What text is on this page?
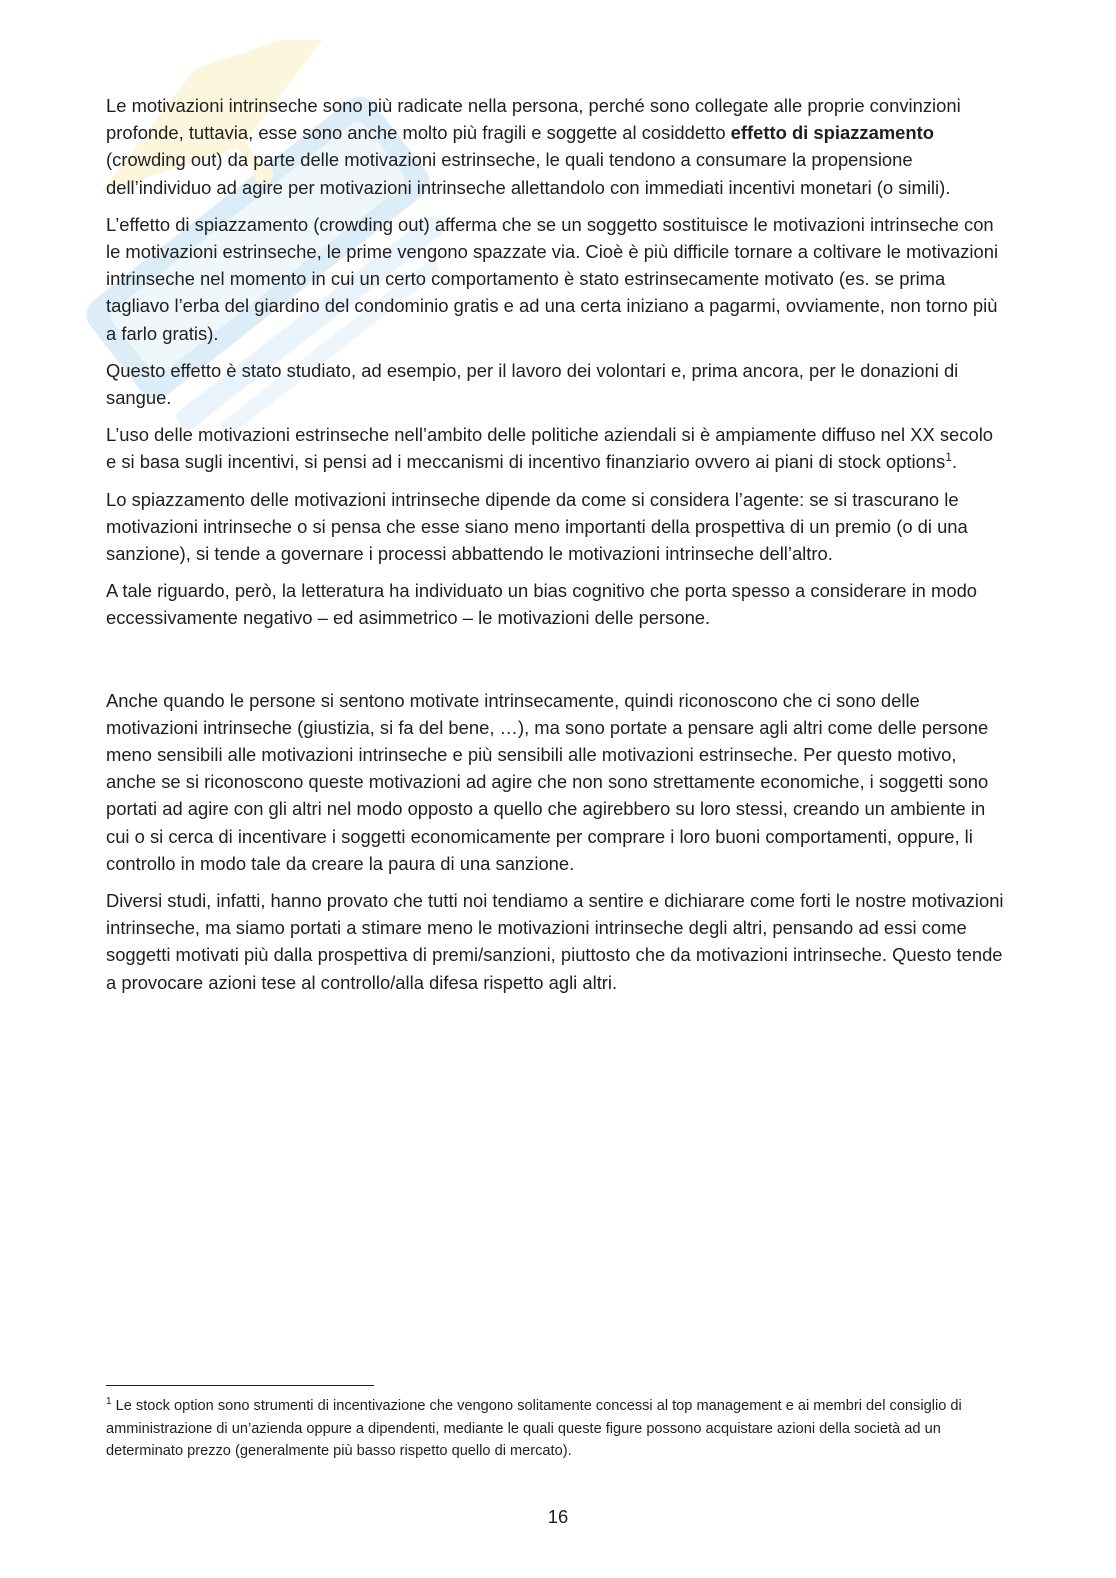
Le motivazioni intrinseche sono più radicate nella persona, perché sono collegate alle proprie convinzioni profonde, tuttavia, esse sono anche molto più fragili e soggette al cosiddetto effetto di spiazzamento (crowding out) da parte delle motivazioni estrinseche, le quali tendono a consumare la propensione dell’individuo ad agire per motivazioni intrinseche allettandolo con immediati incentivi monetari (o simili).

L’effetto di spiazzamento (crowding out) afferma che se un soggetto sostituisce le motivazioni intrinseche con le motivazioni estrinseche, le prime vengono spazzate via. Cioè è più difficile tornare a coltivare le motivazioni intrinseche nel momento in cui un certo comportamento è stato estrinsecamente motivato (es. se prima tagliavo l’erba del giardino del condominio gratis e ad una certa iniziano a pagarmi, ovviamente, non torno più a farlo gratis).

Questo effetto è stato studiato, ad esempio, per il lavoro dei volontari e, prima ancora, per le donazioni di sangue.

L’uso delle motivazioni estrinseche nell’ambito delle politiche aziendali si è ampiamente diffuso nel XX secolo e si basa sugli incentivi, si pensi ad i meccanismi di incentivo finanziario ovvero ai piani di stock options$^1$.

Lo spiazzamento delle motivazioni intrinseche dipende da come si considera l’agente: se si trascurano le motivazioni intrinseche o si pensa che esse siano meno importanti della prospettiva di un premio (o di una sanzione), si tende a governare i processi abbattendo le motivazioni intrinseche dell’altro.

A tale riguardo, però, la letteratura ha individuato un bias cognitivo che porta spesso a considerare in modo eccessivamente negativo – ed asimmetrico – le motivazioni delle persone.

Anche quando le persone si sentono motivate intrinsecamente, quindi riconoscono che ci sono delle motivazioni intrinseche (giustizia, si fa del bene, …), ma sono portate a pensare agli altri come delle persone meno sensibili alle motivazioni intrinseche e più sensibili alle motivazioni estrinseche. Per questo motivo, anche se si riconoscono queste motivazioni ad agire che non sono strettamente economiche, i soggetti sono portati ad agire con gli altri nel modo opposto a quello che agirebbero su loro stessi, creando un ambiente in cui o si cerca di incentivare i soggetti economicamente per comprare i loro buoni comportamenti, oppure, li controllo in modo tale da creare la paura di una sanzione.

Diversi studi, infatti, hanno provato che tutti noi tendiamo a sentire e dichiarare come forti le nostre motivazioni intrinseche, ma siamo portati a stimare meno le motivazioni intrinseche degli altri, pensando ad essi come soggetti motivati più dalla prospettiva di premi/sanzioni, piuttosto che da motivazioni intrinseche. Questo tende a provocare azioni tese al controllo/alla difesa rispetto agli altri.

$^1$ Le stock option sono strumenti di incentivazione che vengono solitamente concessi al top management e ai membri del consiglio di amministrazione di un’azienda oppure a dipendenti, mediante le quali queste figure possono acquistare azioni della società ad un determinato prezzo (generalmente più basso rispetto quello di mercato).
16
